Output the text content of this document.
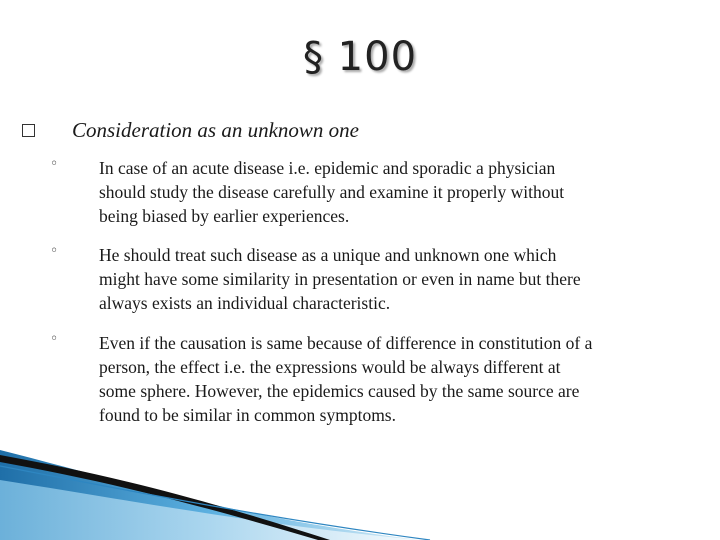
§ 100
Consideration as an unknown one
◦ In case of an acute disease i.e. epidemic and sporadic a physician
should study the disease carefully and examine it properly without
being biased by earlier experiences.
◦ He should treat such disease as a unique and unknown one which
might have some similarity in presentation or even in name but there
always exists an individual characteristic.
◦ Even if the causation is same because of difference in constitution of a
person, the effect i.e. the expressions would be always different at
some sphere. However, the epidemics caused by the same source are
found to be similar in common symptoms.
